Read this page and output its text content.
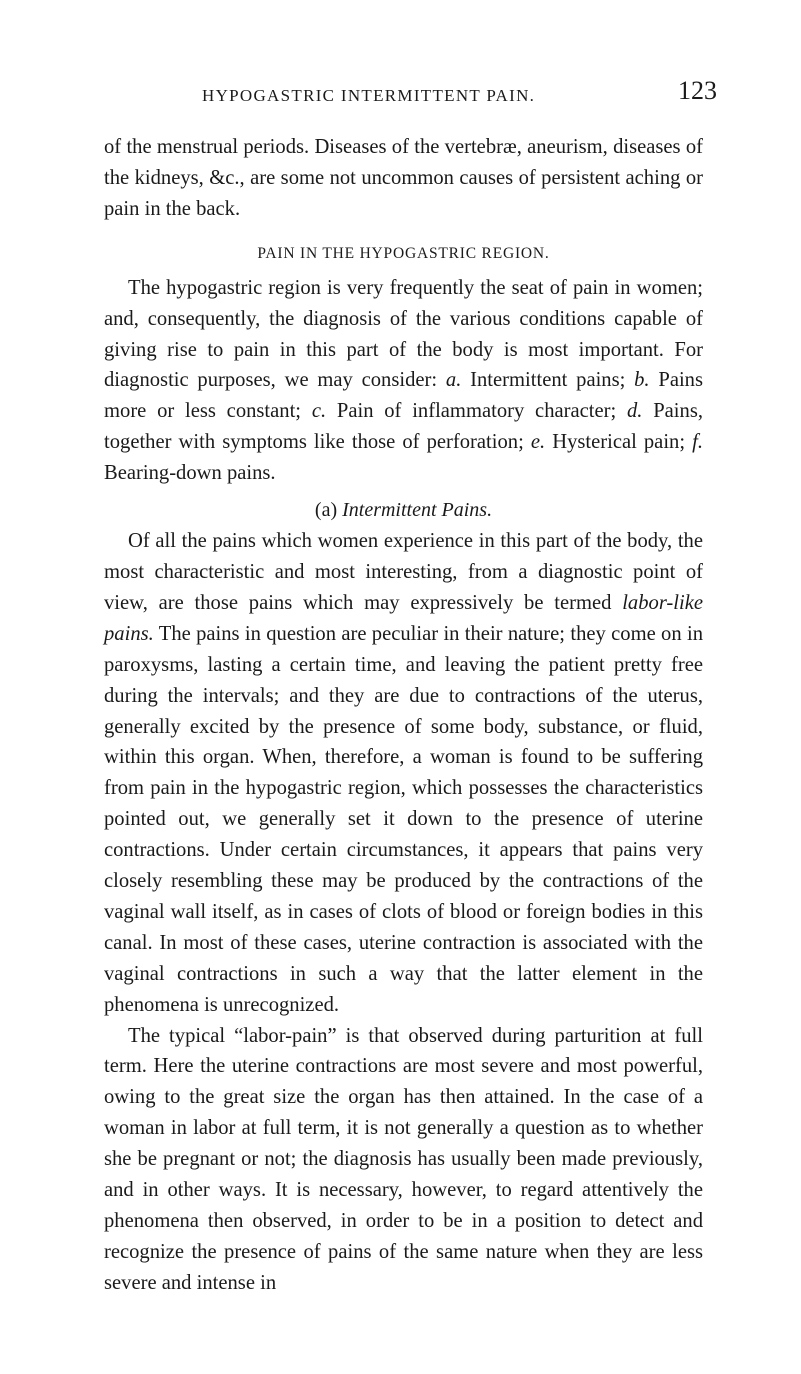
HYPOGASTRIC INTERMITTENT PAIN.	123

of the menstrual periods. Diseases of the vertebræ, aneurism, diseases of the kidneys, &c., are some not uncommon causes of persistent aching or pain in the back.

PAIN IN THE HYPOGASTRIC REGION.

The hypogastric region is very frequently the seat of pain in women; and, consequently, the diagnosis of the various conditions capable of giving rise to pain in this part of the body is most important. For diagnostic purposes, we may consider: a. Intermittent pains; b. Pains more or less constant; c. Pain of inflammatory character; d. Pains, together with symptoms like those of perforation; e. Hysterical pain; f. Bearing-down pains.

(a) Intermittent Pains.

Of all the pains which women experience in this part of the body, the most characteristic and most interesting, from a diagnostic point of view, are those pains which may expressively be termed labor-like pains. The pains in question are peculiar in their nature; they come on in paroxysms, lasting a certain time, and leaving the patient pretty free during the intervals; and they are due to contractions of the uterus, generally excited by the presence of some body, substance, or fluid, within this organ. When, therefore, a woman is found to be suffering from pain in the hypogastric region, which possesses the characteristics pointed out, we generally set it down to the presence of uterine contractions. Under certain circumstances, it appears that pains very closely resembling these may be produced by the contractions of the vaginal wall itself, as in cases of clots of blood or foreign bodies in this canal. In most of these cases, uterine contraction is associated with the vaginal contractions in such a way that the latter element in the phenomena is unrecognized.

The typical “labor-pain” is that observed during parturition at full term. Here the uterine contractions are most severe and most powerful, owing to the great size the organ has then attained. In the case of a woman in labor at full term, it is not generally a question as to whether she be pregnant or not; the diagnosis has usually been made previously, and in other ways. It is necessary, however, to regard attentively the phenomena then observed, in order to be in a position to detect and recognize the presence of pains of the same nature when they are less severe and intense in
